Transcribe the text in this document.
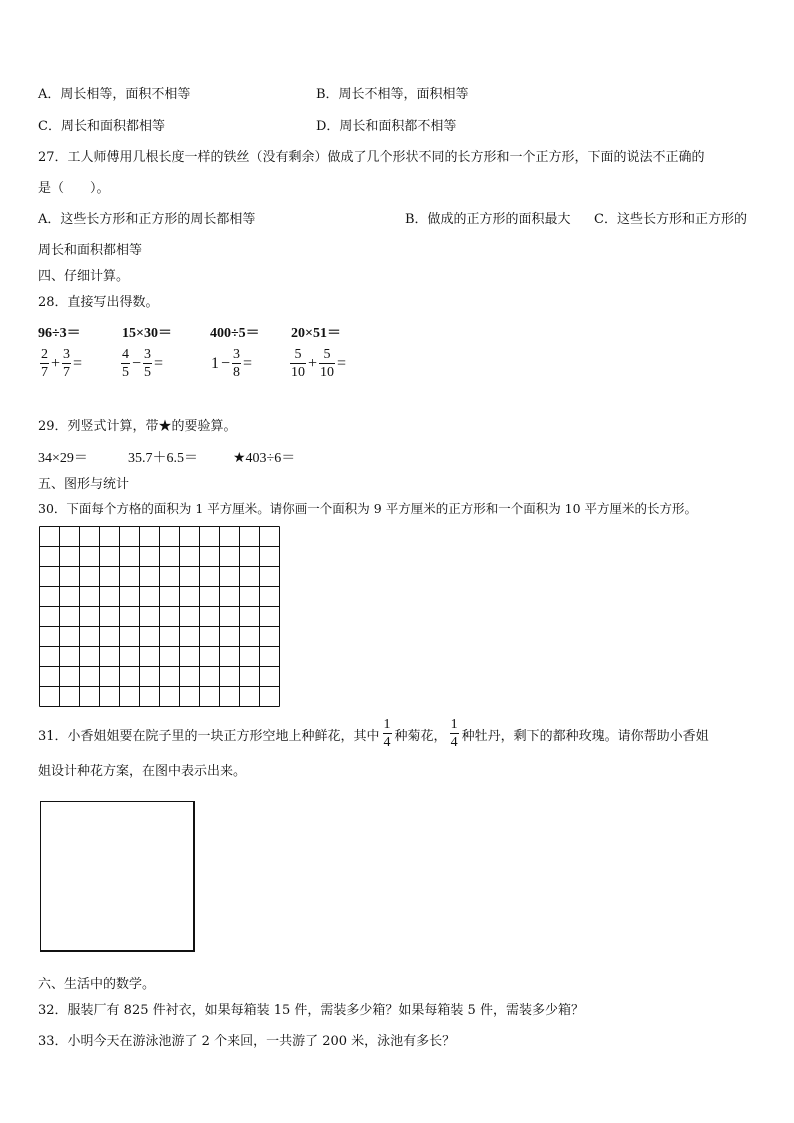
A．周长相等，面积不相等	B．周长不相等，面积相等
C．周长和面积都相等	D．周长和面积都不相等
27．工人师傅用几根长度一样的铁丝（没有剩余）做成了几个形状不同的长方形和一个正方形，下面的说法不正确的
是（　　）。
A．这些长方形和正方形的周长都相等	B．做成的正方形的面积最大 C．这些长方形和正方形的
周长和面积都相等
四、仔细计算。
28．直接写出得数。
96÷3＝	15×30＝	400÷5＝ 20×51＝
$\frac{2}{7} + \frac{3}{7}$ =	$\frac{4}{5} - \frac{3}{5}$ =	$1 - \frac{3}{8}$ =	$\frac{5}{10} + \frac{5}{10}$ =
29．列竖式计算，带★的要验算。
34×29＝	35.7＋6.5＝	★403÷6＝
五、图形与统计
30．下面每个方格的面积为 1 平方厘米。请你画一个面积为 9 平方厘米的正方形和一个面积为 10 平方厘米的长方形。
31．小香姐姐要在院子里的一块正方形空地上种鲜花，其中 $\frac{1}{4}$ 种菊花， $\frac{1}{4}$ 种牡丹，剩下的都种玫瑰。请你帮助小香姐
姐设计种花方案，在图中表示出来。
六、生活中的数学。
32．服装厂有 825 件衬衣，如果每箱装 15 件，需装多少箱？如果每箱装 5 件，需装多少箱？
33．小明今天在游泳池游了 2 个来回，一共游了 200 米，泳池有多长？
